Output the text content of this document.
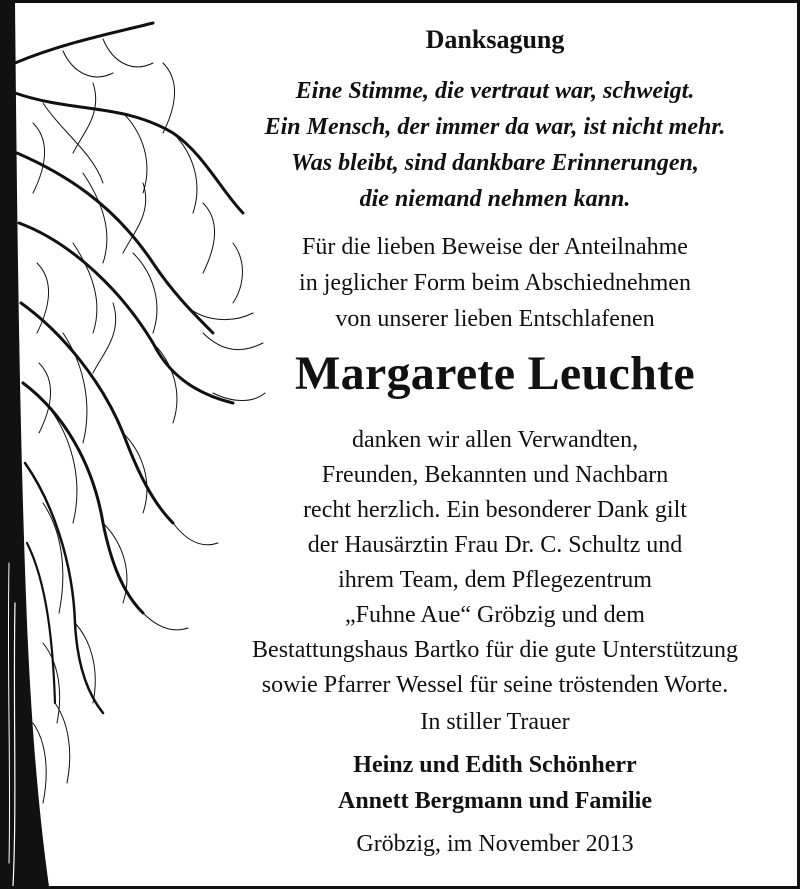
Danksagung
Eine Stimme, die vertraut war, schweigt.
Ein Mensch, der immer da war, ist nicht mehr.
Was bleibt, sind dankbare Erinnerungen,
die niemand nehmen kann.
Für die lieben Beweise der Anteilnahme
in jeglicher Form beim Abschiednehmen
von unserer lieben Entschlafenen
Margarete Leuchte
danken wir allen Verwandten,
Freunden, Bekannten und Nachbarn
recht herzlich. Ein besonderer Dank gilt
der Hausärztin Frau Dr. C. Schultz und
ihrem Team, dem Pflegezentrum
„Fuhne Aue“ Gröbzig und dem
Bestattungshaus Bartko für die gute Unterstützung
sowie Pfarrer Wessel für seine tröstenden Worte.
In stiller Trauer
Heinz und Edith Schönherr
Annett Bergmann und Familie
Gröbzig, im November 2013
